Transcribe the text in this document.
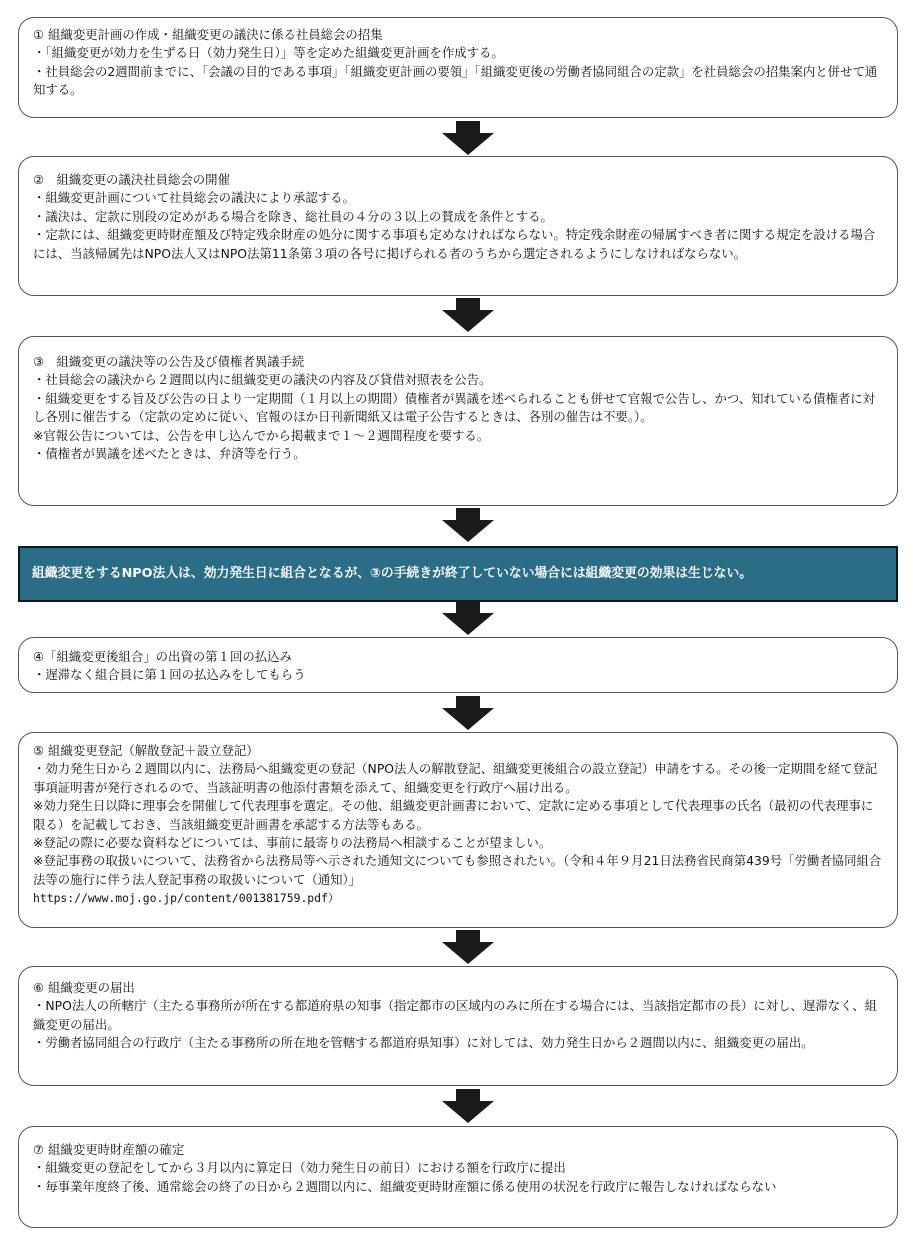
① 組織変更計画の作成・組織変更の議決に係る社員総会の招集
・「組織変更が効力を生ずる日（効力発生日）」等を定めた組織変更計画を作成する。
・社員総会の2週間前までに、「会議の目的である事項」「組織変更計画の要領」「組織変更後の労働者協同組合の定款」を社員総会の招集案内と併せて通知する。
②　組織変更の議決社員総会の開催
・組織変更計画について社員総会の議決により承認する。
・議決は、定款に別段の定めがある場合を除き、総社員の４分の３以上の賛成を条件とする。
・定款には、組織変更時財産額及び特定残余財産の処分に関する事項も定めなければならない。特定残余財産の帰属すべき者に関する規定を設ける場合には、当該帰属先はNPO法人又はNPO法第11条第３項の各号に掲げられる者のうちから選定されるようにしなければならない。
③　組織変更の議決等の公告及び債権者異議手続
・社員総会の議決から２週間以内に組織変更の議決の内容及び貸借対照表を公告。
・組織変更をする旨及び公告の日より一定期間（１月以上の期間）債権者が異議を述べられることも併せて官報で公告し、かつ、知れている債権者に対し各別に催告する（定款の定めに従い、官報のほか日刊新聞紙又は電子公告するときは、各別の催告は不要。）。
※官報公告については、公告を申し込んでから掲載まで１～２週間程度を要する。
・債権者が異議を述べたときは、弁済等を行う。
組織変更をするNPO法人は、効力発生日に組合となるが、③の手続きが終了していない場合には組織変更の効果は生じない。
④「組織変更後組合」の出資の第１回の払込み
・遅滞なく組合員に第１回の払込みをしてもらう
⑤ 組織変更登記（解散登記＋設立登記）
・効力発生日から２週間以内に、法務局へ組織変更の登記（NPO法人の解散登記、組織変更後組合の設立登記）申請をする。その後一定期間を経て登記事項証明書が発行されるので、当該証明書の他添付書類を添えて、組織変更を行政庁へ届け出る。
※効力発生日以降に理事会を開催して代表理事を選定。その他、組織変更計画書において、定款に定める事項として代表理事の氏名（最初の代表理事に限る）を記載しておき、当該組織変更計画書を承認する方法等もある。
※登記の際に必要な資料などについては、事前に最寄りの法務局へ相談することが望ましい。
※登記事務の取扱いについて、法務省から法務局等へ示された通知文についても参照されたい。（令和４年９月21日法務省民商第439号「労働者協同組合法等の施行に伴う法人登記事務の取扱いについて（通知）」
https://www.moj.go.jp/content/001381759.pdf）
⑥ 組織変更の届出
・NPO法人の所轄庁（主たる事務所が所在する都道府県の知事（指定都市の区域内のみに所在する場合には、当該指定都市の長）に対し、遅滞なく、組織変更の届出。
・労働者協同組合の行政庁（主たる事務所の所在地を管轄する都道府県知事）に対しては、効力発生日から２週間以内に、組織変更の届出。
⑦ 組織変更時財産額の確定
・組織変更の登記をしてから３月以内に算定日（効力発生日の前日）における額を行政庁に提出
・毎事業年度終了後、通常総会の終了の日から２週間以内に、組織変更時財産額に係る使用の状況を行政庁に報告しなければならない
